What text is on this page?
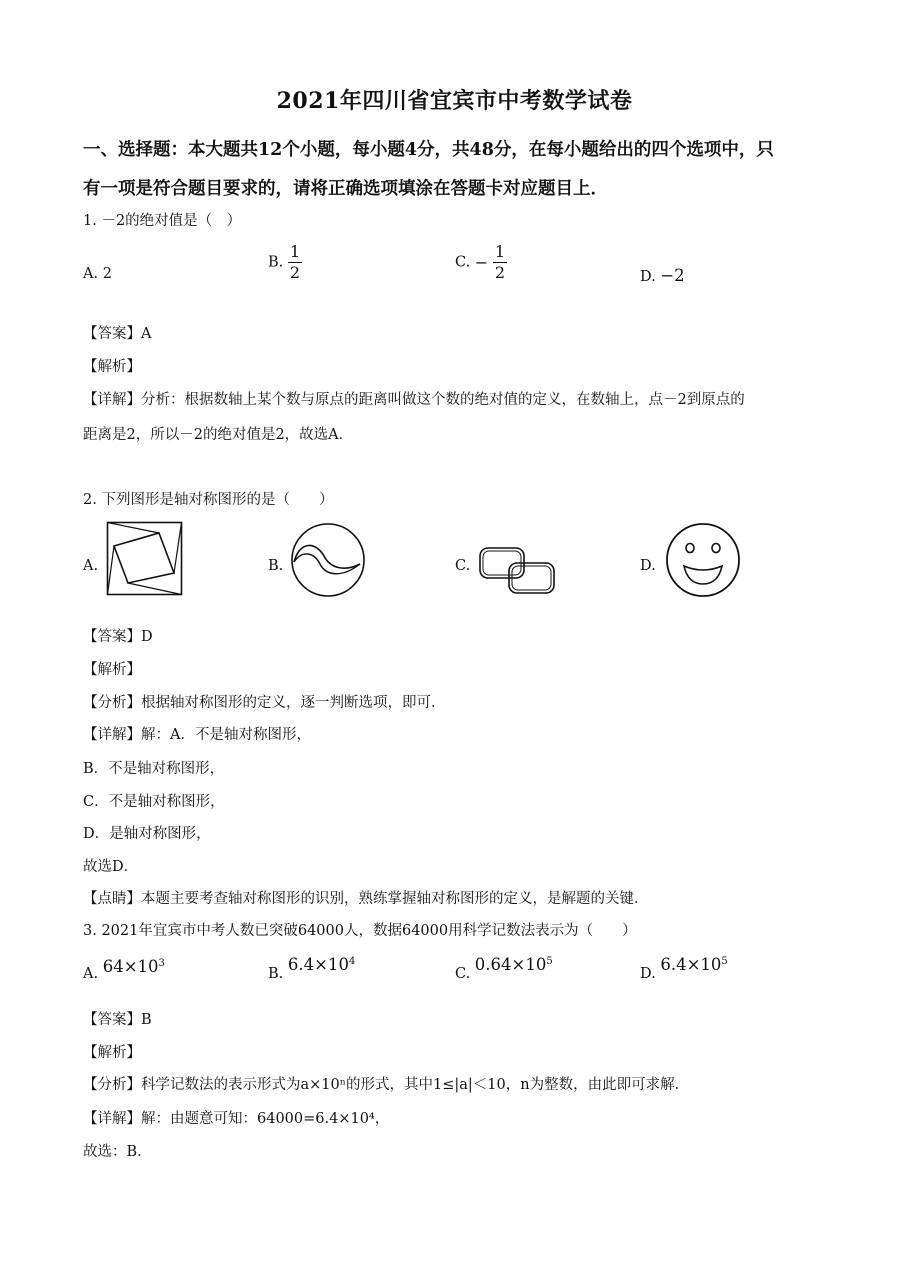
2021年四川省宜宾市中考数学试卷
一、选择题：本大题共12个小题，每小题4分，共48分，在每小题给出的四个选项中，只
有一项是符合题目要求的，请将正确选项填涂在答题卡对应题目上．
1. －2的绝对值是（　）
A. 2
B. $\frac{1}{2}$	C. − $\frac{1}{2}$	D. −2
【答案】A
【解析】
【详解】分析：根据数轴上某个数与原点的距离叫做这个数的绝对值的定义，在数轴上，点－2到原点的
距离是2，所以－2的绝对值是2，故选A．
2. 下列图形是轴对称图形的是（　　）
A.	B.	C.	D.
【答案】D
【解析】
【分析】根据轴对称图形的定义，逐一判断选项，即可．
【详解】解：A．不是轴对称图形，
B．不是轴对称图形，
C．不是轴对称图形，
D．是轴对称图形，
故选D．
【点睛】本题主要考查轴对称图形的识别，熟练掌握轴对称图形的定义，是解题的关键．
3. 2021年宜宾市中考人数已突破64000人，数据64000用科学记数法表示为（　　）
A. $64\times 10^3$
B. $6.4\times 10^4$
C. $0.64\times 10^5$
D. $6.4\times 10^5$
【答案】B
【解析】
【分析】科学记数法的表示形式为a×10ⁿ的形式，其中1≤|a|＜10，n为整数，由此即可求解．
【详解】解：由题意可知：64000=6.4×10⁴，
故选：B．
